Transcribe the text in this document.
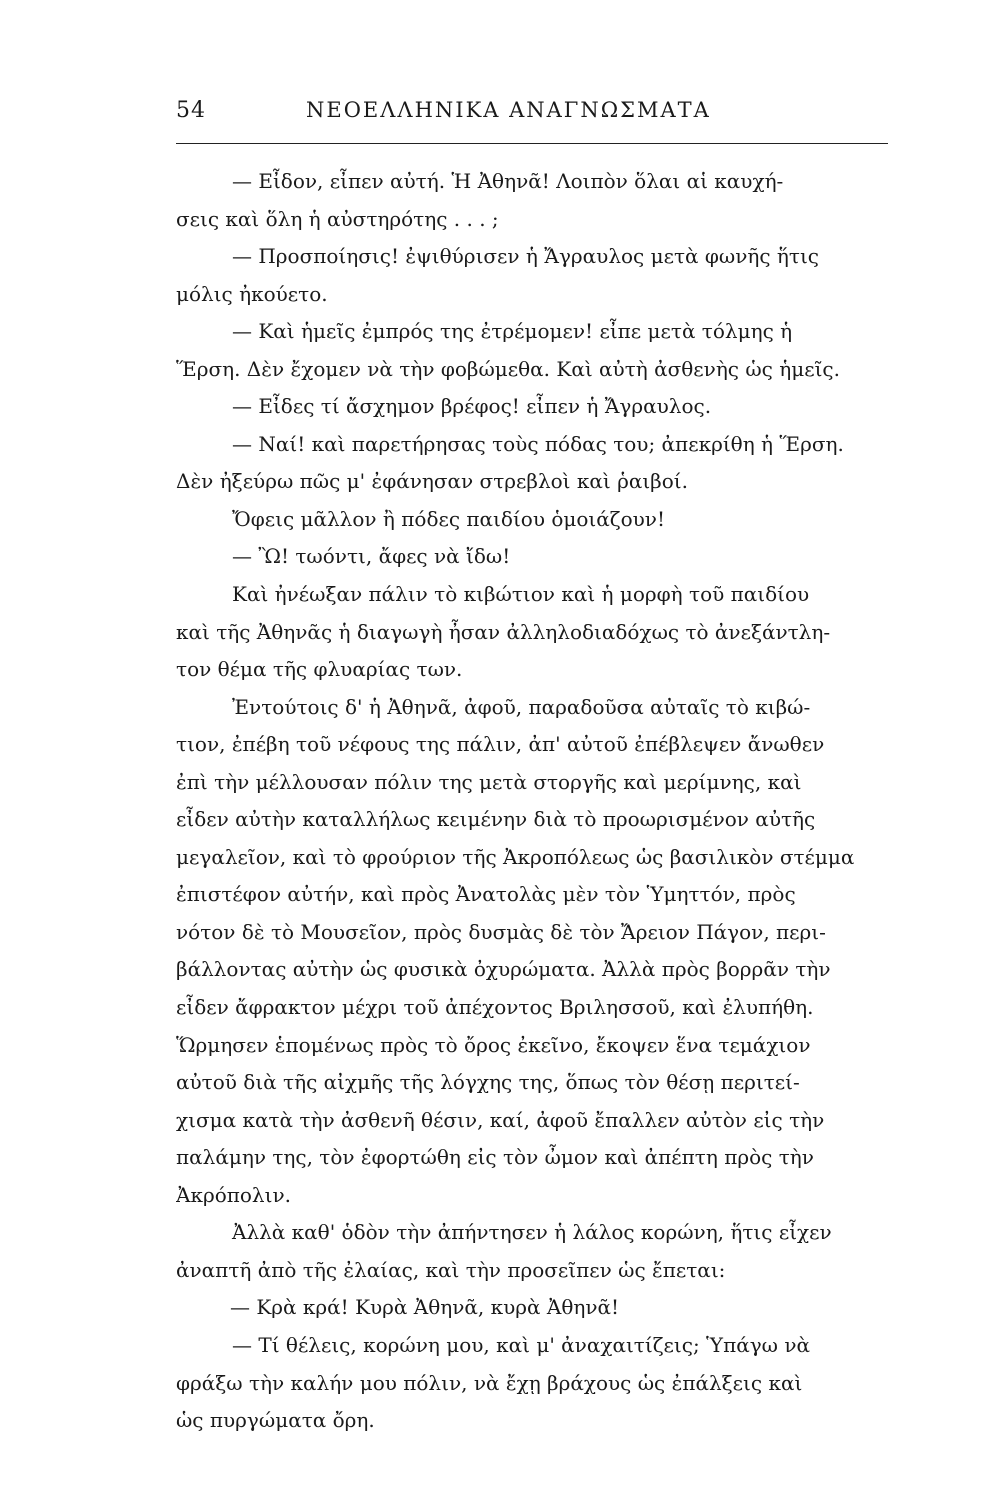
54	ΝΕΟΕΛΛΗΝΙΚΑ ΑΝΑΓΝΩΣΜΑΤΑ
— Εἶδον, εἶπεν αὐτή. Ἡ Ἀθηνᾶ! Λοιπὸν ὅλαι αἱ καυχή-
σεις καὶ ὅλη ἡ αὐστηρότης . . . ;
— Προσποίησις! ἐψιθύρισεν ἡ Ἄγραυλος μετὰ φωνῆς ἥτις
μόλις ἠκούετο.
— Καὶ ἡμεῖς ἐμπρός της ἐτρέμομεν! εἶπε μετὰ τόλμης ἡ
Ἕρση. Δὲν ἔχομεν νὰ τὴν φοβώμεθα. Καὶ αὐτὴ ἀσθενὴς ὡς ἡμεῖς.
— Εἶδες τί ἄσχημον βρέφος! εἶπεν ἡ Ἄγραυλος.
— Ναί! καὶ παρετήρησας τοὺς πόδας του; ἀπεκρίθη ἡ Ἕρση.
Δὲν ἠξεύρω πῶς μ' ἐφάνησαν στρεβλοὶ καὶ ῥαιβοί.
Ὄφεις μᾶλλον ἢ πόδες παιδίου ὁμοιάζουν!
— Ὢ! τωόντι, ἄφες νὰ ἴδω!
Καὶ ἠνέωξαν πάλιν τὸ κιβώτιον καὶ ἡ μορφὴ τοῦ παιδίου
καὶ τῆς Ἀθηνᾶς ἡ διαγωγὴ ἦσαν ἀλληλοδιαδόχως τὸ ἀνεξάντλη-
τον θέμα τῆς φλυαρίας των.
Ἐντούτοις δ' ἡ Ἀθηνᾶ, ἀφοῦ, παραδοῦσα αὐταῖς τὸ κιβώ-
τιον, ἐπέβη τοῦ νέφους της πάλιν, ἀπ' αὐτοῦ ἐπέβλεψεν ἄνωθεν
ἐπὶ τὴν μέλλουσαν πόλιν της μετὰ στοργῆς καὶ μερίμνης, καὶ
εἶδεν αὐτὴν καταλλήλως κειμένην διὰ τὸ προωρισμένον αὐτῆς
μεγαλεῖον, καὶ τὸ φρούριον τῆς Ἀκροπόλεως ὡς βασιλικὸν στέμμα
ἐπιστέφον αὐτήν, καὶ πρὸς Ἀνατολὰς μὲν τὸν Ὑμηττόν, πρὸς
νότον δὲ τὸ Μουσεῖον, πρὸς δυσμὰς δὲ τὸν Ἄρειον Πάγον, περι-
βάλλοντας αὐτὴν ὡς φυσικὰ ὀχυρώματα. Ἀλλὰ πρὸς βορρᾶν τὴν
εἶδεν ἄφρακτον μέχρι τοῦ ἀπέχοντος Βριλησσοῦ, καὶ ἐλυπήθη.
Ὥρμησεν ἑπομένως πρὸς τὸ ὄρος ἐκεῖνο, ἔκοψεν ἕνα τεμάχιον
αὐτοῦ διὰ τῆς αἰχμῆς τῆς λόγχης της, ὅπως τὸν θέσῃ περιτεί-
χισμα κατὰ τὴν ἀσθενῆ θέσιν, καί, ἀφοῦ ἔπαλλεν αὐτὸν εἰς τὴν
παλάμην της, τὸν ἐφορτώθη εἰς τὸν ὦμον καὶ ἀπέπτη πρὸς τὴν
Ἀκρόπολιν.
Ἀλλὰ καθ' ὁδὸν τὴν ἀπήντησεν ἡ λάλος κορώνη, ἥτις εἶχεν
ἀναπτῆ ἀπὸ τῆς ἐλαίας, καὶ τὴν προσεῖπεν ὡς ἔπεται:
— Κρὰ κρά! Κυρὰ Ἀθηνᾶ, κυρὰ Ἀθηνᾶ!
— Τί θέλεις, κορώνη μου, καὶ μ' ἀναχαιτίζεις; Ὑπάγω νὰ
φράξω τὴν καλήν μου πόλιν, νὰ ἔχῃ βράχους ὡς ἐπάλξεις καὶ
ὡς πυργώματα ὄρη.
